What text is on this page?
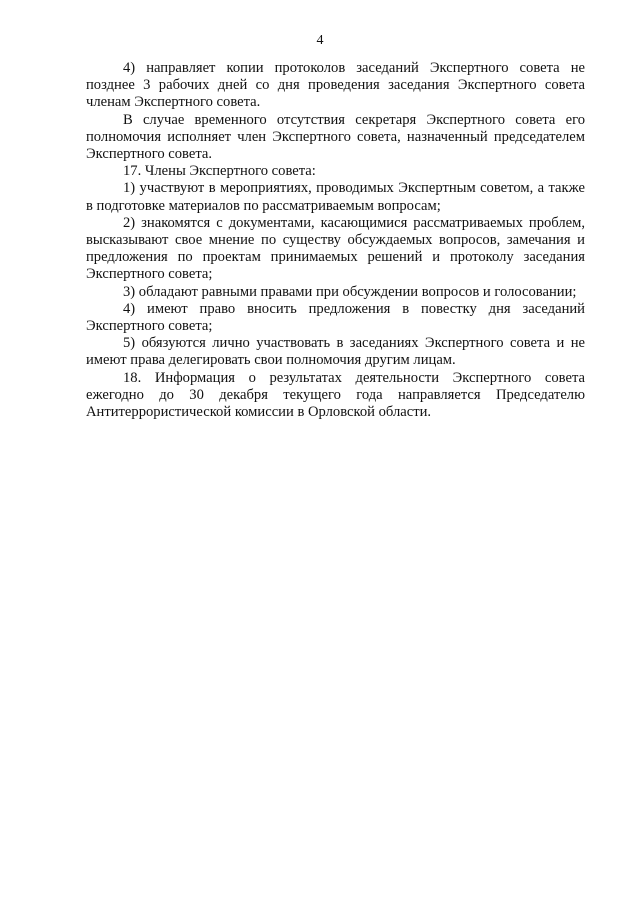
4

4) направляет копии протоколов заседаний Экспертного совета не позднее 3 рабочих дней со дня проведения заседания Экспертного совета членам Экспертного совета.

В случае временного отсутствия секретаря Экспертного совета его полномочия исполняет член Экспертного совета, назначенный председателем Экспертного совета.

17. Члены Экспертного совета:

1) участвуют в мероприятиях, проводимых Экспертным советом, а также в подготовке материалов по рассматриваемым вопросам;

2) знакомятся с документами, касающимися рассматриваемых проблем, высказывают свое мнение по существу обсуждаемых вопросов, замечания и предложения по проектам принимаемых решений и протоколу заседания Экспертного совета;

3) обладают равными правами при обсуждении вопросов и голосовании;

4) имеют право вносить предложения в повестку дня заседаний Экспертного совета;

5) обязуются лично участвовать в заседаниях Экспертного совета и не имеют права делегировать свои полномочия другим лицам.

18. Информация о результатах деятельности Экспертного совета ежегодно до 30 декабря текущего года направляется Председателю Антитеррористической комиссии в Орловской области.
